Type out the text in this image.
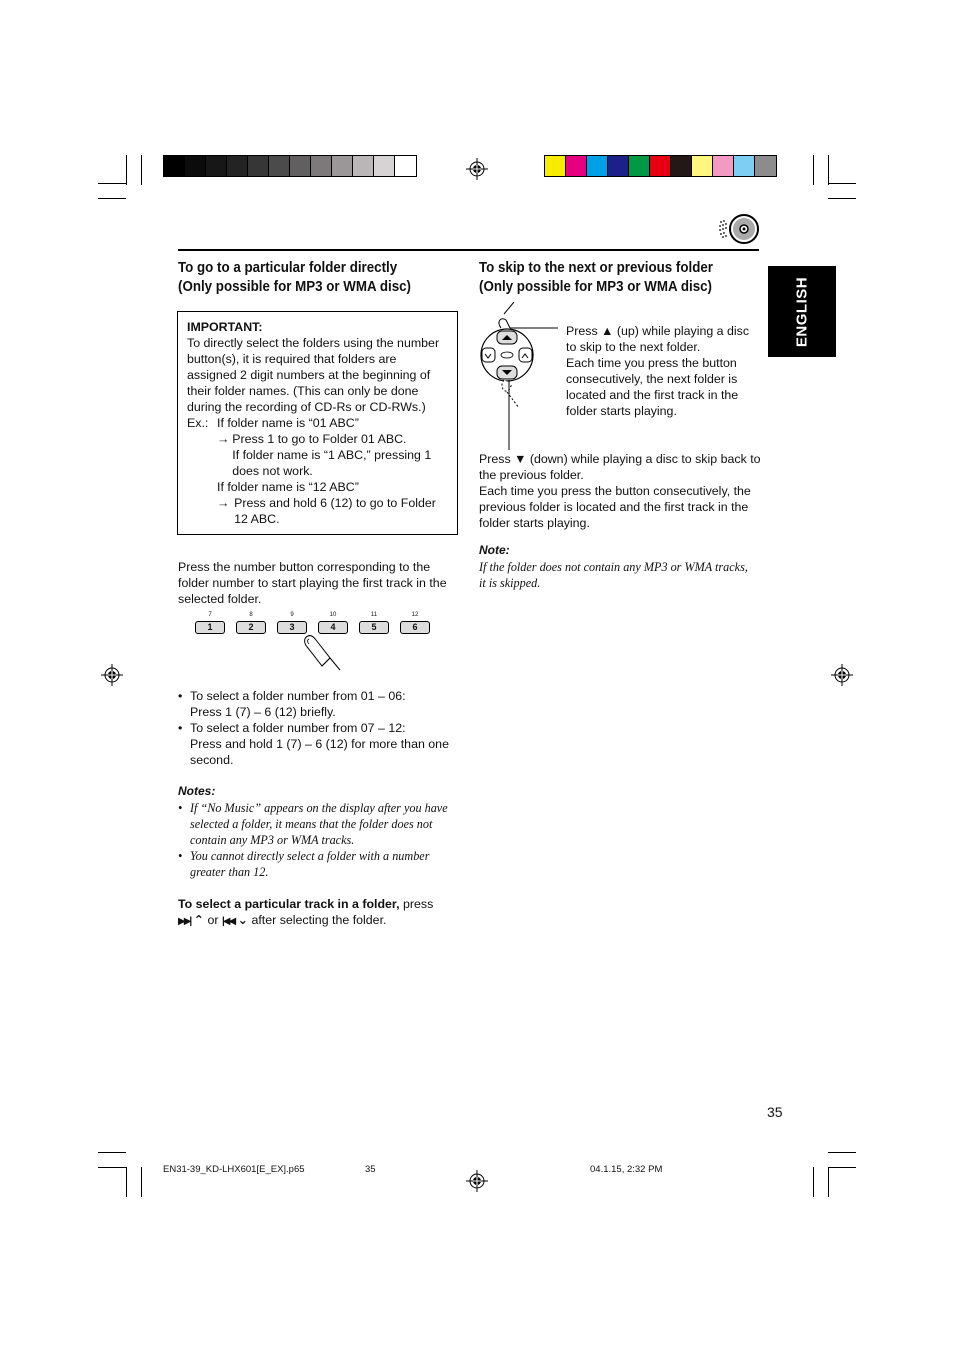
ENGLISH
To go to a particular folder directly
(Only possible for MP3 or WMA disc)
IMPORTANT:
To directly select the folders using the number button(s), it is required that folders are assigned 2 digit numbers at the beginning of their folder names. (This can only be done during the recording of CD-Rs or CD-RWs.)
Ex.: If folder name is “01 ABC”
→ Press 1 to go to Folder 01 ABC.
If folder name is “1 ABC,” pressing 1 does not work.
If folder name is “12 ABC”
→ Press and hold 6 (12) to go to Folder 12 ABC.
Press the number button corresponding to the folder number to start playing the first track in the selected folder.
7
1
8
2
9
3
10
4
11
5
12
6
• To select a folder number from 01 – 06:
Press 1 (7) – 6 (12) briefly.
• To select a folder number from 07 – 12:
Press and hold 1 (7) – 6 (12) for more than one second.
Notes:
• If “No Music” appears on the display after you have selected a folder, it means that the folder does not contain any MP3 or WMA tracks.
• You cannot directly select a folder with a number greater than 12.
To select a particular track in a folder, press
▶▶| ⌃ or |◀◀ ⌄ after selecting the folder.
To skip to the next or previous folder
(Only possible for MP3 or WMA disc)
Press ▲ (up) while playing a disc to skip to the next folder.
Each time you press the button consecutively, the next folder is located and the first track in the folder starts playing.
Press ▼ (down) while playing a disc to skip back to the previous folder.
Each time you press the button consecutively, the previous folder is located and the first track in the folder starts playing.
Note:
If the folder does not contain any MP3 or WMA tracks, it is skipped.
35
EN31-39_KD-LHX601[E_EX].p65	35	04.1.15, 2:32 PM
